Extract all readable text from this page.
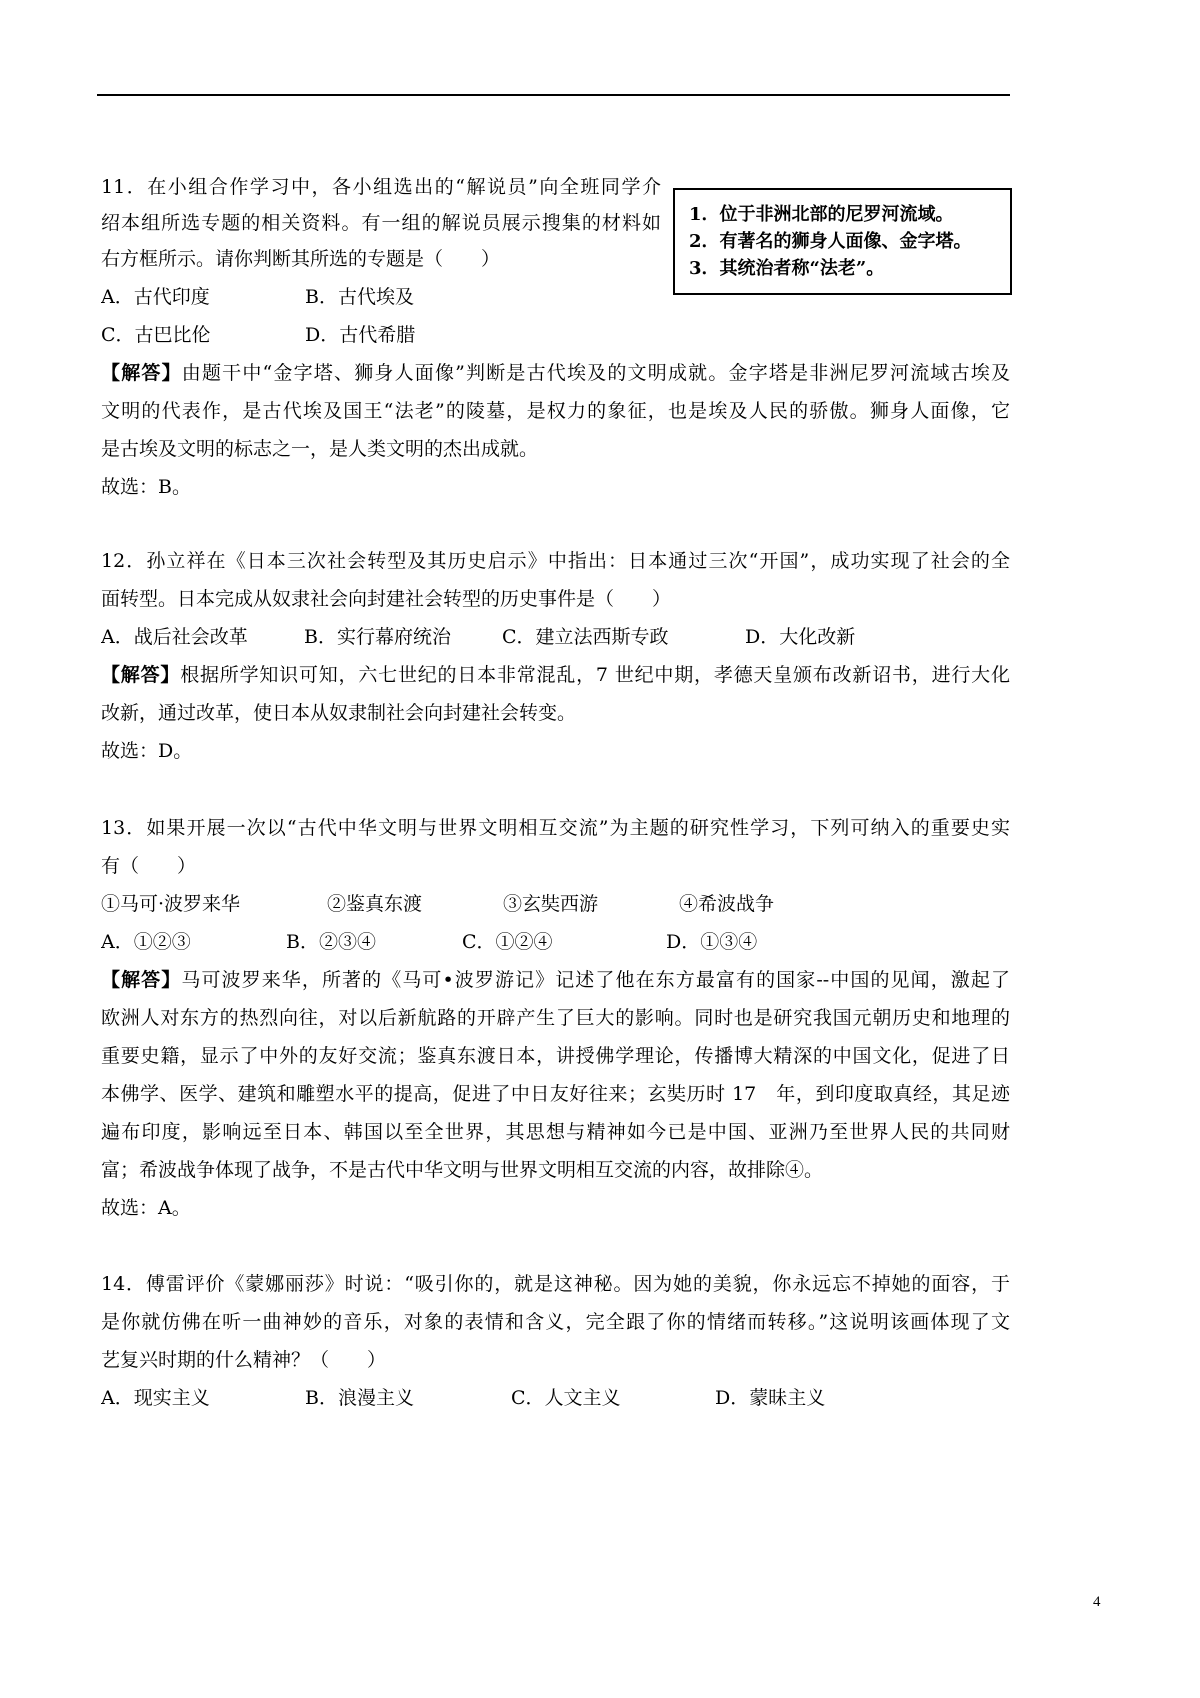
11．在小组合作学习中，各小组选出的“解说员”向全班同学介
绍本组所选专题的相关资料。有一组的解说员展示搜集的材料如
右方框所示。请你判断其所选的专题是（　　）
1．位于非洲北部的尼罗河流域。
2．有著名的狮身人面像、金字塔。
3．其统治者称“法老”。
A．古代印度	B．古代埃及
C．古巴比伦	D．古代希腊
【解答】由题干中“金字塔、狮身人面像”判断是古代埃及的文明成就。金字塔是非洲尼罗河流域古埃及
文明的代表作，是古代埃及国王“法老”的陵墓，是权力的象征，也是埃及人民的骄傲。狮身人面像，它
是古埃及文明的标志之一，是人类文明的杰出成就。
故选：B。
12．孙立祥在《日本三次社会转型及其历史启示》中指出：日本通过三次“开国”，成功实现了社会的全
面转型。日本完成从奴隶社会向封建社会转型的历史事件是（　　）
A．战后社会改革	B．实行幕府统治	C．建立法西斯专政	D．大化改新
【解答】根据所学知识可知，六七世纪的日本非常混乱，7 世纪中期，孝德天皇颁布改新诏书，进行大化
改新，通过改革，使日本从奴隶制社会向封建社会转变。
故选：D。
13．如果开展一次以“古代中华文明与世界文明相互交流”为主题的研究性学习，下列可纳入的重要史实
有（　　）
①马可·波罗来华	②鉴真东渡	③玄奘西游	④希波战争
A．①②③	B．②③④	C．①②④	D．①③④
【解答】马可波罗来华，所著的《马可•波罗游记》记述了他在东方最富有的国家--中国的见闻，激起了
欧洲人对东方的热烈向往，对以后新航路的开辟产生了巨大的影响。同时也是研究我国元朝历史和地理的
重要史籍，显示了中外的友好交流；鉴真东渡日本，讲授佛学理论，传播博大精深的中国文化，促进了日
本佛学、医学、建筑和雕塑水平的提高，促进了中日友好往来；玄奘历时 17　年，到印度取真经，其足迹
遍布印度，影响远至日本、韩国以至全世界，其思想与精神如今已是中国、亚洲乃至世界人民的共同财
富；希波战争体现了战争，不是古代中华文明与世界文明相互交流的内容，故排除④。
故选：A。
14．傅雷评价《蒙娜丽莎》时说：“吸引你的，就是这神秘。因为她的美貌，你永远忘不掉她的面容，于
是你就仿佛在听一曲神妙的音乐，对象的表情和含义，完全跟了你的情绪而转移。”这说明该画体现了文
艺复兴时期的什么精神？（　　）
A．现实主义	B．浪漫主义	C．人文主义	D．蒙昧主义
4
